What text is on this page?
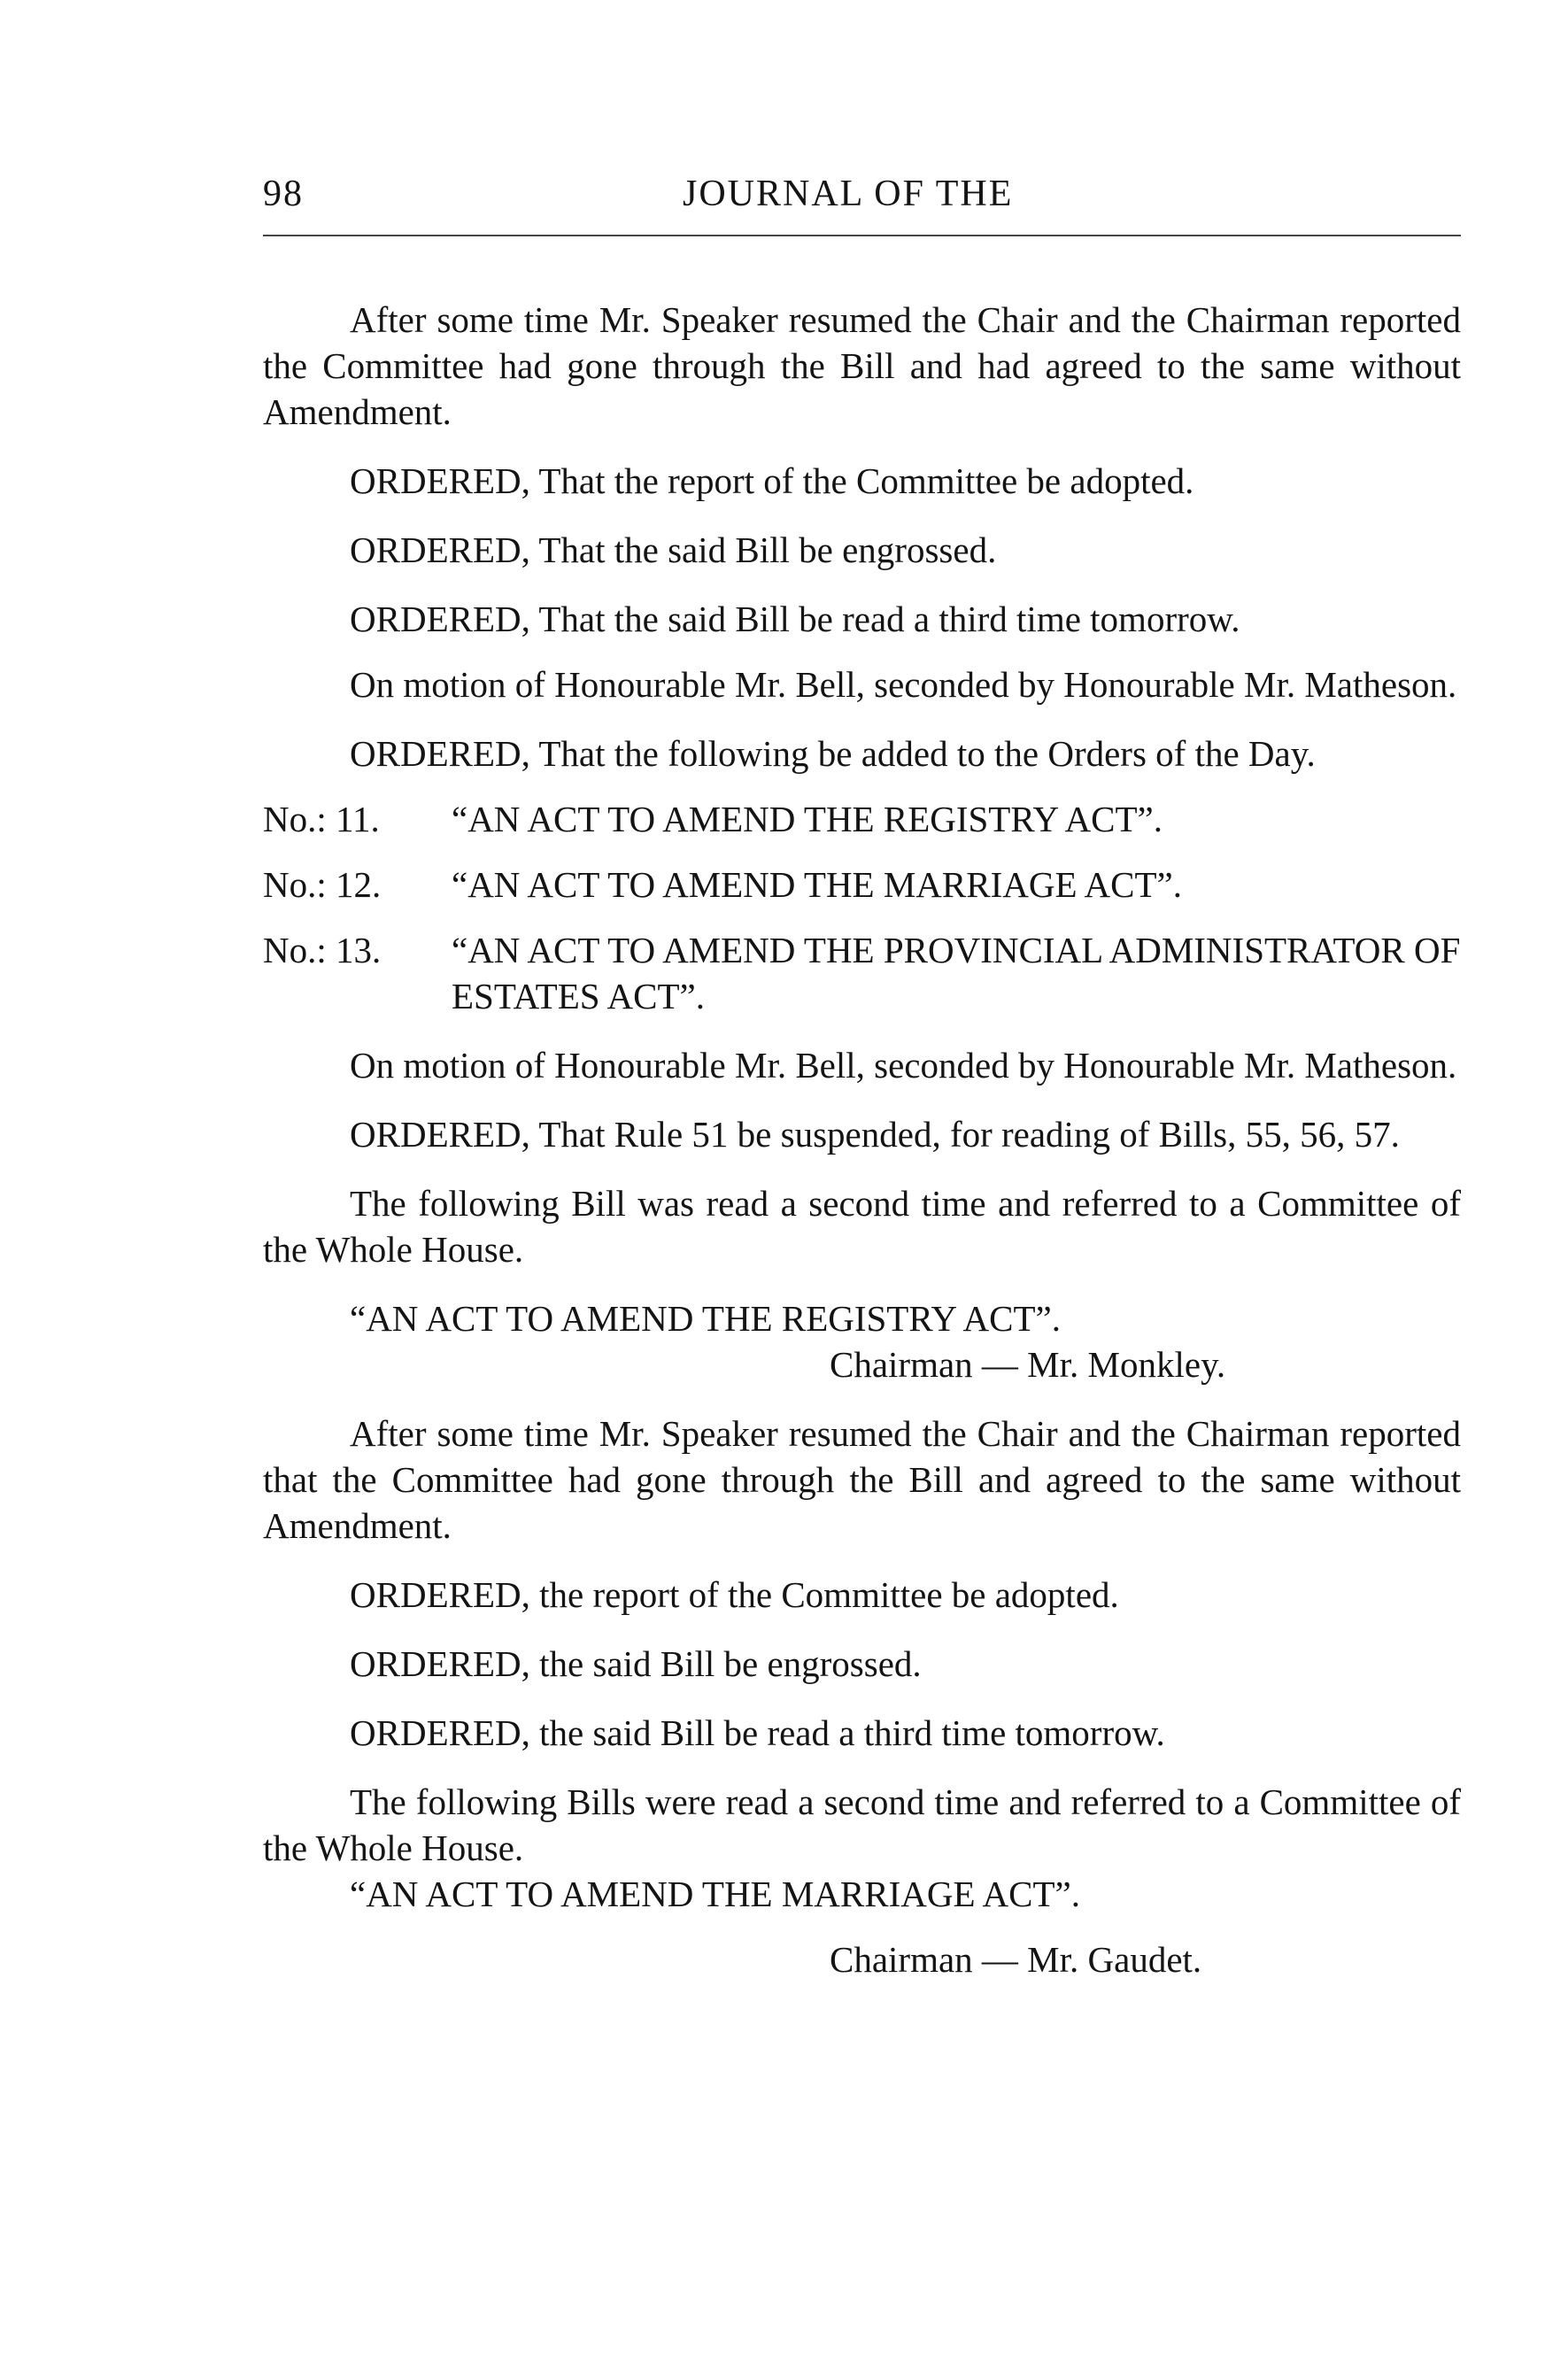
98	JOURNAL OF THE

After some time Mr. Speaker resumed the Chair and the Chairman reported the Committee had gone through the Bill and had agreed to the same without Amendment.

ORDERED, That the report of the Committee be adopted.

ORDERED, That the said Bill be engrossed.

ORDERED, That the said Bill be read a third time tomorrow.

On motion of Honourable Mr. Bell, seconded by Honourable Mr. Matheson.

ORDERED, That the following be added to the Orders of the Day.

No.: 11.	“AN ACT TO AMEND THE REGISTRY ACT”.
No.: 12.	“AN ACT TO AMEND THE MARRIAGE ACT”.
No.: 13.	“AN ACT TO AMEND THE PROVINCIAL ADMINISTRATOR OF ESTATES ACT”.

On motion of Honourable Mr. Bell, seconded by Honourable Mr. Matheson.

ORDERED, That Rule 51 be suspended, for reading of Bills, 55, 56, 57.

The following Bill was read a second time and referred to a Committee of the Whole House.

“AN ACT TO AMEND THE REGISTRY ACT”.
Chairman — Mr. Monkley.

After some time Mr. Speaker resumed the Chair and the Chairman reported that the Committee had gone through the Bill and agreed to the same without Amendment.

ORDERED, the report of the Committee be adopted.

ORDERED, the said Bill be engrossed.

ORDERED, the said Bill be read a third time tomorrow.

The following Bills were read a second time and referred to a Committee of the Whole House.

“AN ACT TO AMEND THE MARRIAGE ACT”.
Chairman — Mr. Gaudet.
